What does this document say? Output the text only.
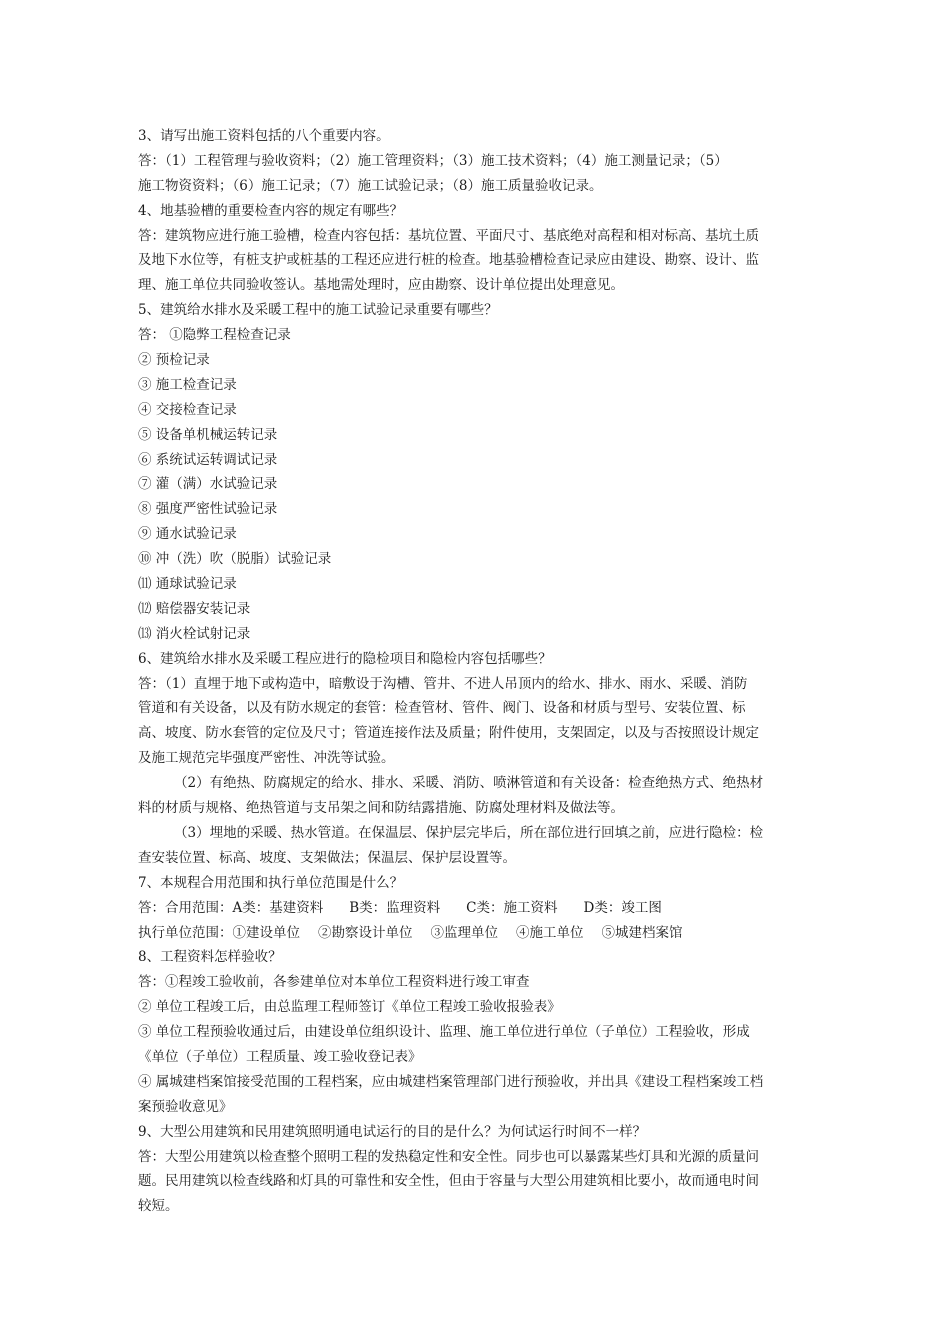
3、请写出施工资料包括的八个重要内容。
答：（1）工程管理与验收资料；（2）施工管理资料；（3）施工技术资料；（4）施工测量记录；（5）
施工物资资料；（6）施工记录；（7）施工试验记录；（8）施工质量验收记录。
4、地基验槽的重要检查内容的规定有哪些？
答：建筑物应进行施工验槽，检查内容包括：基坑位置、平面尺寸、基底绝对高程和相对标高、基坑土质
及地下水位等，有桩支护或桩基的工程还应进行桩的检查。地基验槽检查记录应由建设、勘察、设计、监
理、施工单位共同验收签认。基地需处理时，应由勘察、设计单位提出处理意见。
5、建筑给水排水及采暖工程中的施工试验记录重要有哪些？
答： ①隐弊工程检查记录
② 预检记录
③ 施工检查记录
④ 交接检查记录
⑤ 设备单机械运转记录
⑥ 系统试运转调试记录
⑦ 灌（满）水试验记录
⑧ 强度严密性试验记录
⑨ 通水试验记录
⑩ 冲（洗）吹（脱脂）试验记录
⑾ 通球试验记录
⑿ 赔偿器安装记录
⒀ 消火栓试射记录
6、建筑给水排水及采暖工程应进行的隐检项目和隐检内容包括哪些？
答：（1）直埋于地下或构造中，暗敷设于沟槽、管井、不进人吊顶内的给水、排水、雨水、采暖、消防
管道和有关设备，以及有防水规定的套管：检查管材、管件、阀门、设备和材质与型号、安装位置、标
高、坡度、防水套管的定位及尺寸；管道连接作法及质量；附件使用，支架固定，以及与否按照设计规定
及施工规范完毕强度严密性、冲洗等试验。
（2）有绝热、防腐规定的给水、排水、采暖、消防、喷淋管道和有关设备：检查绝热方式、绝热材
料的材质与规格、绝热管道与支吊架之间和防结露措施、防腐处理材料及做法等。
（3）埋地的采暖、热水管道。在保温层、保护层完毕后，所在部位进行回填之前，应进行隐检：检
查安装位置、标高、坡度、支架做法；保温层、保护层设置等。
7、本规程合用范围和执行单位范围是什么？
答：合用范围：A类：基建资料 B类：监理资料 C类：施工资料 D类：竣工图
执行单位范围：①建设单位 ②勘察设计单位 ③监理单位 ④施工单位 ⑤城建档案馆
8、工程资料怎样验收？
答：①程竣工验收前，各参建单位对本单位工程资料进行竣工审查
② 单位工程竣工后，由总监理工程师签订《单位工程竣工验收报验表》
③ 单位工程预验收通过后，由建设单位组织设计、监理、施工单位进行单位（子单位）工程验收，形成
《单位（子单位）工程质量、竣工验收登记表》
④ 属城建档案馆接受范围的工程档案，应由城建档案管理部门进行预验收，并出具《建设工程档案竣工档
案预验收意见》
9、大型公用建筑和民用建筑照明通电试运行的目的是什么？为何试运行时间不一样？
答：大型公用建筑以检查整个照明工程的发热稳定性和安全性。同步也可以暴露某些灯具和光源的质量问
题。民用建筑以检查线路和灯具的可靠性和安全性，但由于容量与大型公用建筑相比要小，故而通电时间
较短。
